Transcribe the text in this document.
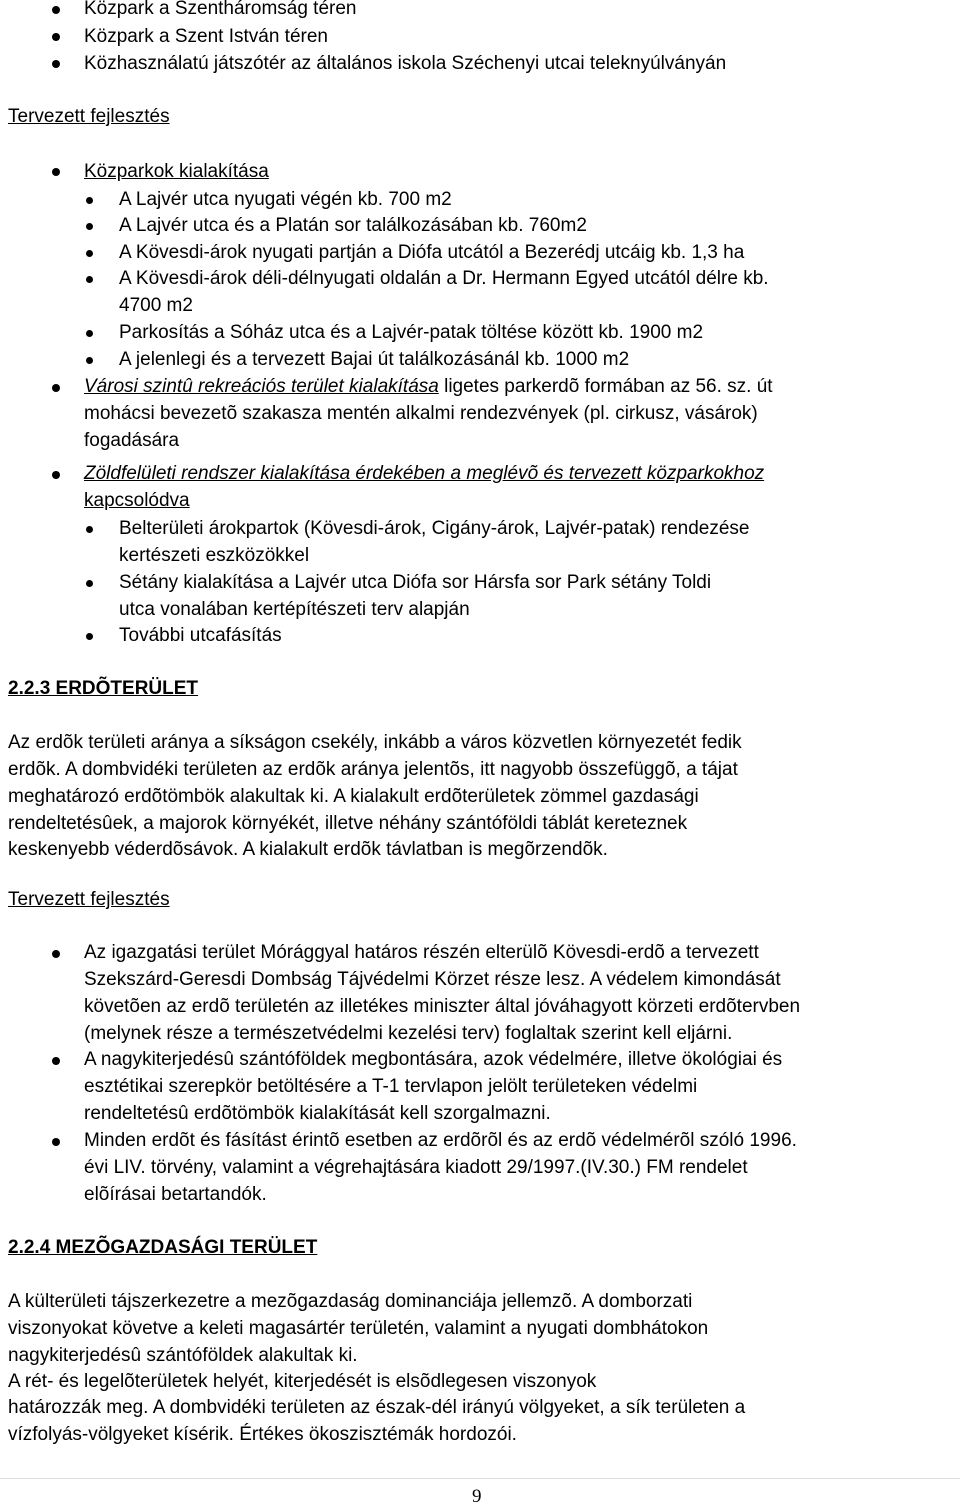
Közpark a Szentháromság téren
Közpark a Szent István téren
Közhasználatú játszótér az általános iskola Széchenyi utcai teleknyúlványán
Tervezett fejlesztés
Közparkok kialakítása
A Lajvér utca nyugati végén kb. 700 m2
A Lajvér utca és a Platán sor találkozásában kb. 760m2
A Kövesdi-árok nyugati partján a Diófa utcától a Bezerédj utcáig kb. 1,3 ha
A Kövesdi-árok déli-délnyugati oldalán a Dr. Hermann Egyed utcától délre kb.
4700 m2
Parkosítás a Sóház utca és a Lajvér-patak töltése között kb. 1900 m2
A jelenlegi és a tervezett Bajai út találkozásánál kb. 1000 m2
Városi szintû rekreációs terület kialakítása ligetes parkerdõ formában az 56. sz. út
mohácsi bevezetõ szakasza mentén alkalmi rendezvények (pl. cirkusz, vásárok)
fogadására
Zöldfelületi rendszer kialakítása érdekében a meglévõ és tervezett közparkokhoz
kapcsolódva
Belterületi árokpartok (Kövesdi-árok, Cigány-árok, Lajvér-patak) rendezése
kertészeti eszközökkel
Sétány kialakítása a Lajvér utca Diófa sor Hársfa sor Park sétány Toldi
utca vonalában kertépítészeti terv alapján
További utcafásítás
2.2.3 ERDÕTERÜLET
Az erdõk területi aránya a síkságon csekély, inkább a város közvetlen környezetét fedik
erdõk. A dombvidéki területen az erdõk aránya jelentõs, itt nagyobb összefüggõ, a tájat
meghatározó erdõtömbök alakultak ki. A kialakult erdõterületek zömmel gazdasági
rendeltetésûek, a majorok környékét, illetve néhány szántóföldi táblát kereteznek
keskenyebb véderdõsávok. A kialakult erdõk távlatban is megõrzendõk.
Tervezett fejlesztés
Az igazgatási terület Mórággyal határos részén elterülõ Kövesdi-erdõ a tervezett
Szekszárd-Geresdi Dombság Tájvédelmi Körzet része lesz. A védelem kimondását
követõen az erdõ területén az illetékes miniszter által jóváhagyott körzeti erdõtervben
(melynek része a természetvédelmi kezelési terv) foglaltak szerint kell eljárni.
A nagykiterjedésû szántóföldek megbontására, azok védelmére, illetve ökológiai és
esztétikai szerepkör betöltésére a T-1 tervlapon jelölt területeken védelmi
rendeltetésû erdõtömbök kialakítását kell szorgalmazni.
Minden erdõt és fásítást érintõ esetben az erdõrõl és az erdõ védelmérõl szóló 1996.
évi LIV. törvény, valamint a végrehajtására kiadott 29/1997.(IV.30.) FM rendelet
elõírásai betartandók.
2.2.4 MEZÕGAZDASÁGI TERÜLET
A külterületi tájszerkezetre a mezõgazdaság dominanciája jellemzõ. A domborzati
viszonyokat követve a keleti magasártér területén, valamint a nyugati dombhátokon
nagykiterjedésû szántóföldek alakultak ki.
A rét- és legelõterületek helyét, kiterjedését is elsõdlegesen viszonyok
határozzák meg. A dombvidéki területen az észak-dél irányú völgyeket, a sík területen a
vízfolyás-völgyeket kísérik. Értékes ökoszisztémák hordozói.
9
